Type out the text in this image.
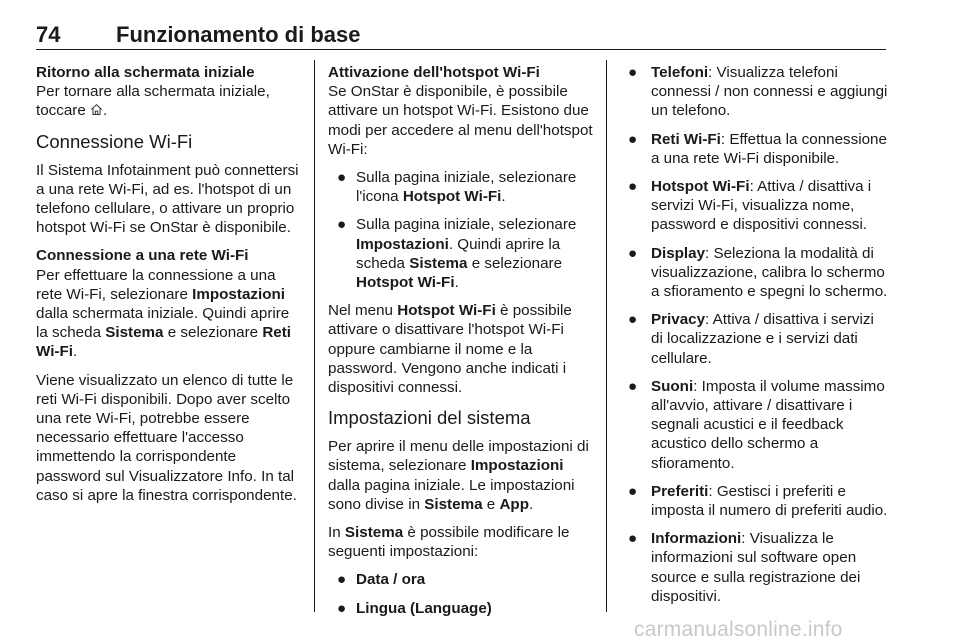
74	Funzionamento di base

Ritorno alla schermata iniziale

Per tornare alla schermata iniziale, toccare .

Connessione Wi-Fi

Il Sistema Infotainment può connettersi a una rete Wi-Fi, ad es. l'hotspot di un telefono cellulare, o attivare un proprio hotspot Wi-Fi se OnStar è disponibile.

Connessione a una rete Wi-Fi

Per effettuare la connessione a una rete Wi-Fi, selezionare Impostazioni dalla schermata iniziale. Quindi aprire la scheda Sistema e selezionare Reti Wi-Fi.

Viene visualizzato un elenco di tutte le reti Wi-Fi disponibili. Dopo aver scelto una rete Wi-Fi, potrebbe essere necessario effettuare l'accesso immettendo la corrispondente password sul Visualizzatore Info. In tal caso si apre la finestra corrispondente.

Attivazione dell'hotspot Wi-Fi

Se OnStar è disponibile, è possibile attivare un hotspot Wi-Fi. Esistono due modi per accedere al menu dell'hotspot Wi-Fi:

● Sulla pagina iniziale, selezionare l'icona Hotspot Wi-Fi.
● Sulla pagina iniziale, selezionare Impostazioni. Quindi aprire la scheda Sistema e selezionare Hotspot Wi-Fi.

Nel menu Hotspot Wi-Fi è possibile attivare o disattivare l'hotspot Wi-Fi oppure cambiarne il nome e la password. Vengono anche indicati i dispositivi connessi.

Impostazioni del sistema

Per aprire il menu delle impostazioni di sistema, selezionare Impostazioni dalla pagina iniziale. Le impostazioni sono divise in Sistema e App.

In Sistema è possibile modificare le seguenti impostazioni:

● Data / ora
● Lingua (Language)
● Telefoni: Visualizza telefoni connessi / non connessi e aggiungi un telefono.
● Reti Wi-Fi: Effettua la connessione a una rete Wi-Fi disponibile.
● Hotspot Wi-Fi: Attiva / disattiva i servizi Wi-Fi, visualizza nome, password e dispositivi connessi.
● Display: Seleziona la modalità di visualizzazione, calibra lo schermo a sfioramento e spegni lo schermo.
● Privacy: Attiva / disattiva i servizi di localizzazione e i servizi dati cellulare.
● Suoni: Imposta il volume massimo all'avvio, attivare / disattivare i segnali acustici e il feedback acustico dello schermo a sfioramento.
● Preferiti: Gestisci i preferiti e imposta il numero di preferiti audio.
● Informazioni: Visualizza le informazioni sul software open source e sulla registrazione dei dispositivi.
carmanualsonline.info
